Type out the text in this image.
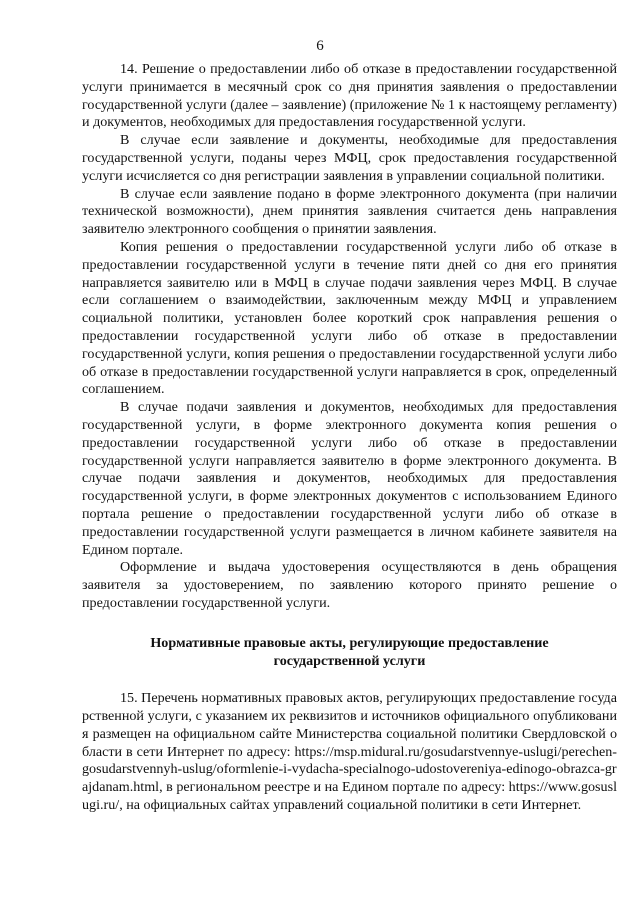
6

14. Решение о предоставлении либо об отказе в предоставлении государственной услуги принимается в месячный срок со дня принятия заявления о предоставлении государственной услуги (далее – заявление) (приложение № 1 к настоящему регламенту) и документов, необходимых для предоставления государственной услуги.

В случае если заявление и документы, необходимые для предоставления государственной услуги, поданы через МФЦ, срок предоставления государственной услуги исчисляется со дня регистрации заявления в управлении социальной политики.

В случае если заявление подано в форме электронного документа (при наличии технической возможности), днем принятия заявления считается день направления заявителю электронного сообщения о принятии заявления.

Копия решения о предоставлении государственной услуги либо об отказе в предоставлении государственной услуги в течение пяти дней со дня его принятия направляется заявителю или в МФЦ в случае подачи заявления через МФЦ. В случае если соглашением о взаимодействии, заключенным между МФЦ и управлением социальной политики, установлен более короткий срок направления решения о предоставлении государственной услуги либо об отказе в предоставлении государственной услуги, копия решения о предоставлении государственной услуги либо об отказе в предоставлении государственной услуги направляется в срок, определенный соглашением.

В случае подачи заявления и документов, необходимых для предоставления государственной услуги, в форме электронного документа копия решения о предоставлении государственной услуги либо об отказе в предоставлении государственной услуги направляется заявителю в форме электронного документа. В случае подачи заявления и документов, необходимых для предоставления государственной услуги, в форме электронных документов с использованием Единого портала решение о предоставлении государственной услуги либо об отказе в предоставлении государственной услуги размещается в личном кабинете заявителя на Едином портале.

Оформление и выдача удостоверения осуществляются в день обращения заявителя за удостоверением, по заявлению которого принято решение о предоставлении государственной услуги.

Нормативные правовые акты, регулирующие предоставление
государственной услуги

15. Перечень нормативных правовых актов, регулирующих предоставление государственной услуги, с указанием их реквизитов и источников официального опубликования размещен на официальном сайте Министерства социальной политики Свердловской области в сети Интернет по адресу: https://msp.midural.ru/gosudarstvennye-uslugi/perechen-gosudarstvennyh-uslug/oformlenie-i-vydacha-specialnogo-udostovereniya-edinogo-obrazca-grajdanam.html, в региональном реестре и на Едином портале по адресу: https://www.gosuslugi.ru/, на официальных сайтах управлений социальной политики в сети Интернет.
